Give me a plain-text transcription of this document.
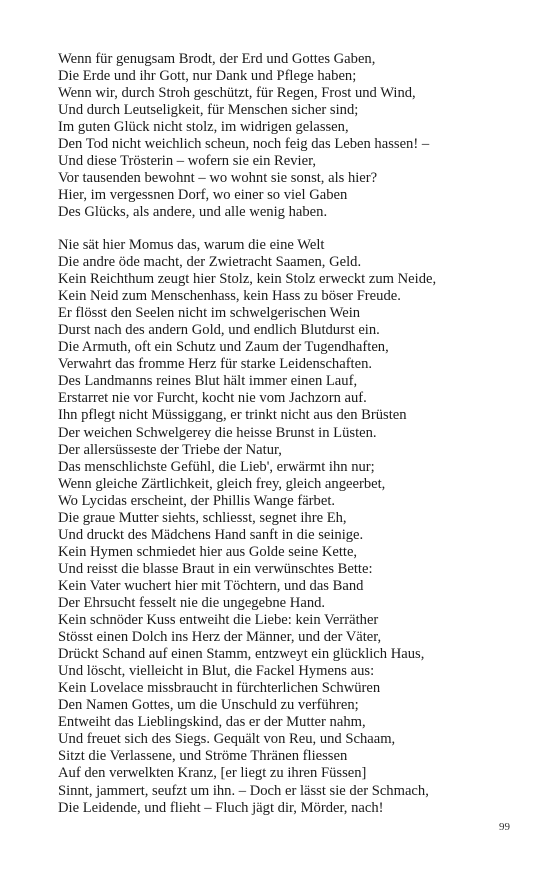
Wenn für genugsam Brodt, der Erd und Gottes Gaben,
Die Erde und ihr Gott, nur Dank und Pflege haben;
Wenn wir, durch Stroh geschützt, für Regen, Frost und Wind,
Und durch Leutseligkeit, für Menschen sicher sind;
Im guten Glück nicht stolz, im widrigen gelassen,
Den Tod nicht weichlich scheun, noch feig das Leben hassen! –
Und diese Trösterin – wofern sie ein Revier,
Vor tausenden bewohnt – wo wohnt sie sonst, als hier?
Hier, im vergessnen Dorf, wo einer so viel Gaben
Des Glücks, als andere, und alle wenig haben.
Nie sät hier Momus das, warum die eine Welt
Die andre öde macht, der Zwietracht Saamen, Geld.
Kein Reichthum zeugt hier Stolz, kein Stolz erweckt zum Neide,
Kein Neid zum Menschenhass, kein Hass zu böser Freude.
Er flösst den Seelen nicht im schwelgerischen Wein
Durst nach des andern Gold, und endlich Blutdurst ein.
Die Armuth, oft ein Schutz und Zaum der Tugendhaften,
Verwahrt das fromme Herz für starke Leidenschaften.
Des Landmanns reines Blut hält immer einen Lauf,
Erstarret nie vor Furcht, kocht nie vom Jachzorn auf.
Ihn pflegt nicht Müssiggang, er trinkt nicht aus den Brüsten
Der weichen Schwelgerey die heisse Brunst in Lüsten.
Der allersüsseste der Triebe der Natur,
Das menschlichste Gefühl, die Lieb', erwärmt ihn nur;
Wenn gleiche Zärtlichkeit, gleich frey, gleich angeerbet,
Wo Lycidas erscheint, der Phillis Wange färbet.
Die graue Mutter siehts, schliesst, segnet ihre Eh,
Und druckt des Mädchens Hand sanft in die seinige.
Kein Hymen schmiedet hier aus Golde seine Kette,
Und reisst die blasse Braut in ein verwünschtes Bette:
Kein Vater wuchert hier mit Töchtern, und das Band
Der Ehrsucht fesselt nie die ungegebne Hand.
Kein schnöder Kuss entweiht die Liebe: kein Verräther
Stösst einen Dolch ins Herz der Männer, und der Väter,
Drückt Schand auf einen Stamm, entzweyt ein glücklich Haus,
Und löscht, vielleicht in Blut, die Fackel Hymens aus:
Kein Lovelace missbraucht in fürchterlichen Schwüren
Den Namen Gottes, um die Unschuld zu verführen;
Entweiht das Lieblingskind, das er der Mutter nahm,
Und freuet sich des Siegs. Gequält von Reu, und Schaam,
Sitzt die Verlassene, und Ströme Thränen fliessen
Auf den verwelkten Kranz, [er liegt zu ihren Füssen]
Sinnt, jammert, seufzt um ihn. – Doch er lässt sie der Schmach,
Die Leidende, und flieht – Fluch jägt dir, Mörder, nach!
99
